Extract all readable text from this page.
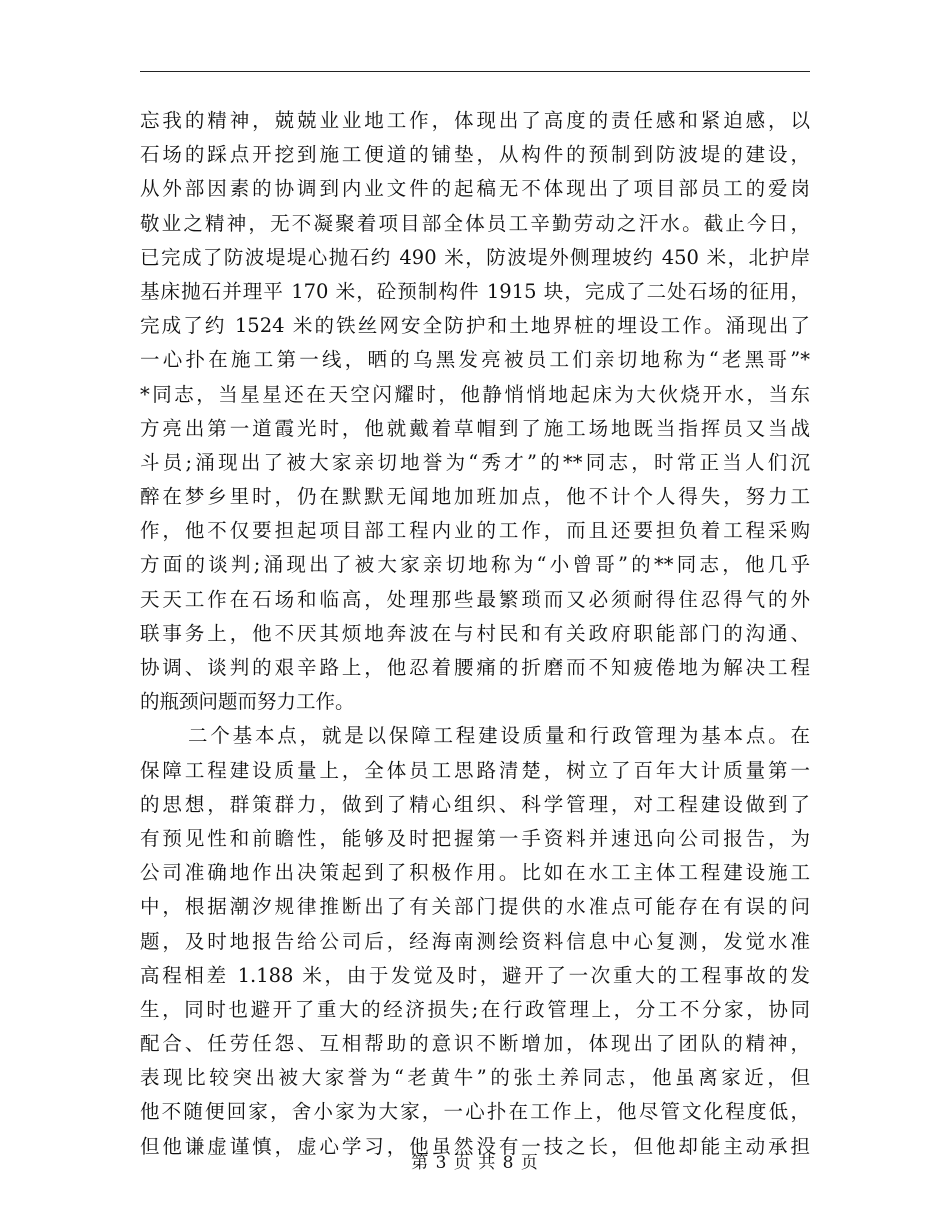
忘我的精神，兢兢业业地工作，体现出了高度的责任感和紧迫感，以
石场的踩点开挖到施工便道的铺垫，从构件的预制到防波堤的建设，
从外部因素的协调到内业文件的起稿无不体现出了项目部员工的爱岗
敬业之精神，无不凝聚着项目部全体员工辛勤劳动之汗水。截止今日，
已完成了防波堤堤心抛石约 490 米，防波堤外侧理坡约 450 米，北护岸
基床抛石并理平 170 米，砼预制构件 1915 块，完成了二处石场的征用，
完成了约 1524 米的铁丝网安全防护和土地界桩的埋设工作。涌现出了
一心扑在施工第一线，晒的乌黑发亮被员工们亲切地称为“老黑哥”*
*同志，当星星还在天空闪耀时，他静悄悄地起床为大伙烧开水，当东
方亮出第一道霞光时，他就戴着草帽到了施工场地既当指挥员又当战
斗员;涌现出了被大家亲切地誉为“秀才”的**同志，时常正当人们沉
醉在梦乡里时，仍在默默无闻地加班加点，他不计个人得失，努力工
作，他不仅要担起项目部工程内业的工作，而且还要担负着工程采购
方面的谈判;涌现出了被大家亲切地称为“小曾哥”的**同志，他几乎
天天工作在石场和临高，处理那些最繁琐而又必须耐得住忍得气的外
联事务上，他不厌其烦地奔波在与村民和有关政府职能部门的沟通、
协调、谈判的艰辛路上，他忍着腰痛的折磨而不知疲倦地为解决工程
的瓶颈问题而努力工作。
二个基本点，就是以保障工程建设质量和行政管理为基本点。在
保障工程建设质量上，全体员工思路清楚，树立了百年大计质量第一
的思想，群策群力，做到了精心组织、科学管理，对工程建设做到了
有预见性和前瞻性，能够及时把握第一手资料并速迅向公司报告，为
公司准确地作出决策起到了积极作用。比如在水工主体工程建设施工
中，根据潮汐规律推断出了有关部门提供的水准点可能存在有误的问
题，及时地报告给公司后，经海南测绘资料信息中心复测，发觉水准
高程相差 1.188 米，由于发觉及时，避开了一次重大的工程事故的发
生，同时也避开了重大的经济损失;在行政管理上，分工不分家，协同
配合、任劳任怨、互相帮助的意识不断增加，体现出了团队的精神，
表现比较突出被大家誉为“老黄牛”的张土养同志，他虽离家近，但
他不随便回家，舍小家为大家，一心扑在工作上，他尽管文化程度低，
但他谦虚谨慎，虚心学习，他虽然没有一技之长，但他却能主动承担
第 3 页 共 8 页
